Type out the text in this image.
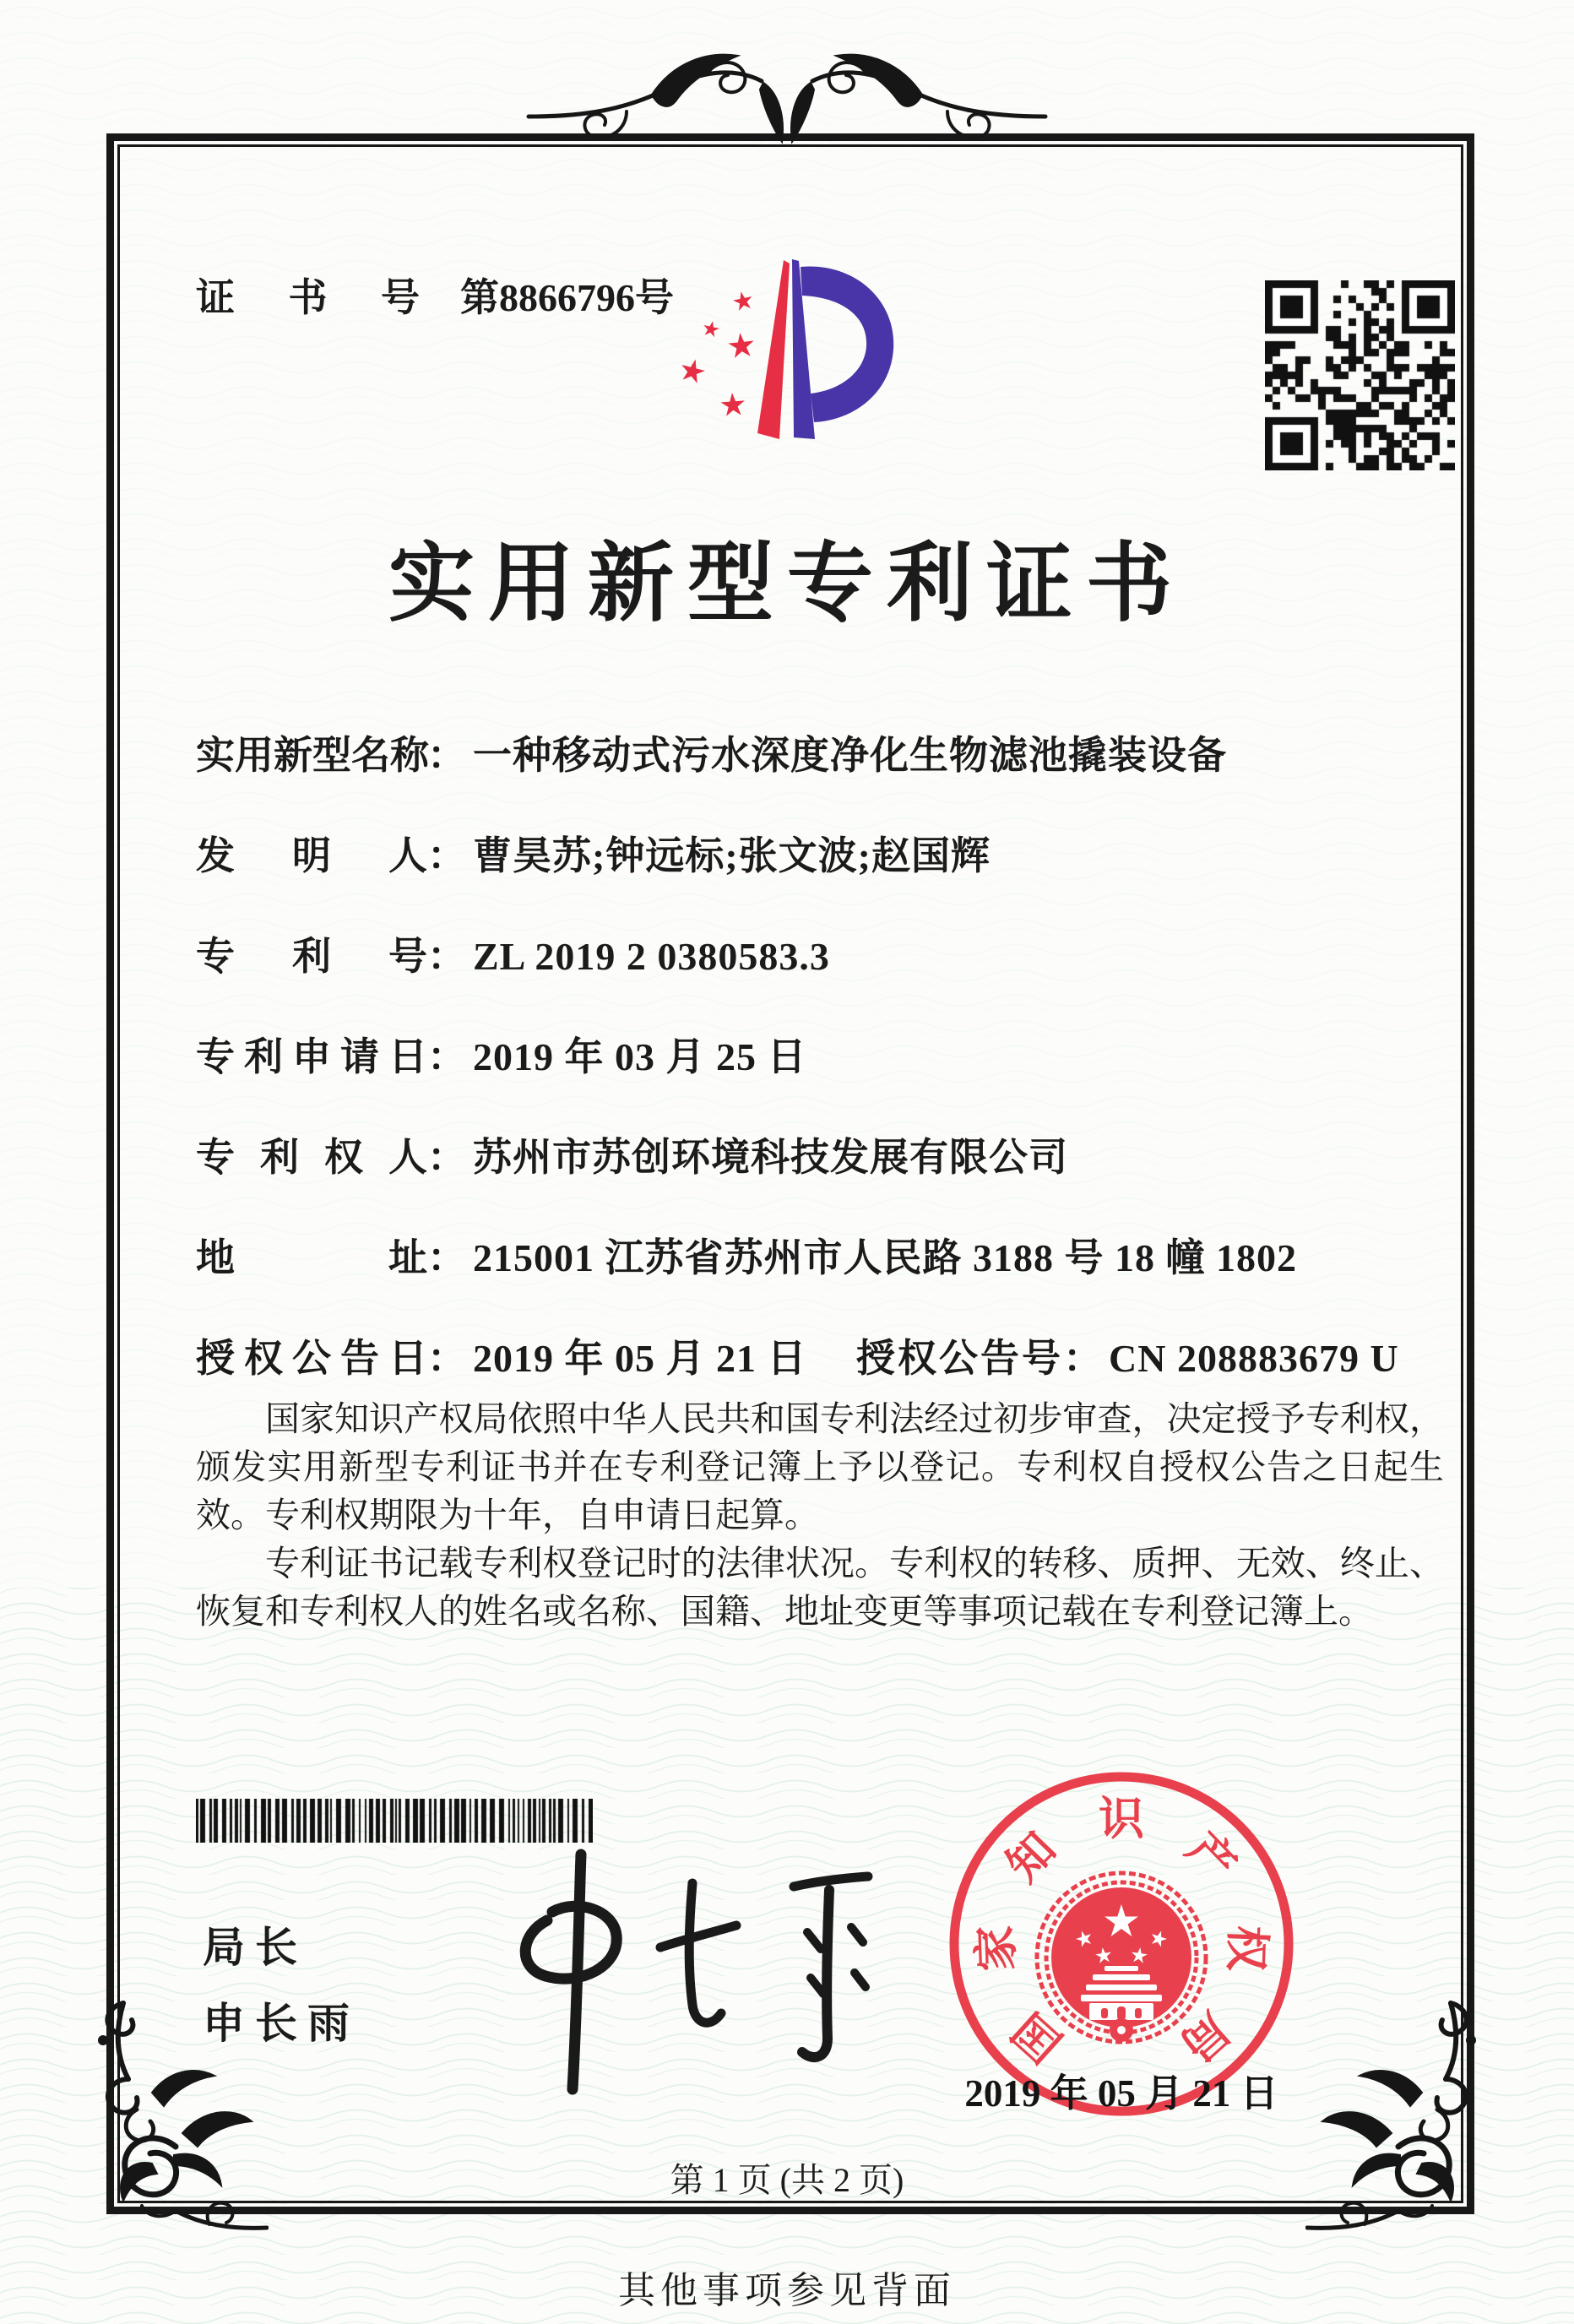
证 书 号 第8866796号
实用新型专利证书
实用新型名称： 一种移动式污水深度净化生物滤池撬装设备
发明人： 曹昊苏;钟远标;张文波;赵国辉
专利号： ZL 2019 2 0380583.3
专利申请日： 2019 年 03 月 25 日
专利权人： 苏州市苏创环境科技发展有限公司
地址： 215001 江苏省苏州市人民路 3188 号 18 幢 1802
授权公告日： 2019 年 05 月 21 日 授权公告号： CN 208883679 U

国家知识产权局依照中华人民共和国专利法经过初步审查，决定授予专利权，颁发实用新型专利证书并在专利登记簿上予以登记。专利权自授权公告之日起生效。专利权期限为十年，自申请日起算。

专利证书记载专利权登记时的法律状况。专利权的转移、质押、无效、终止、恢复和专利权人的姓名或名称、国籍、地址变更等事项记载在专利登记簿上。

局长
申长雨	国
家
知
识
产
权
局
2019 年 05 月 21 日
第 1 页 (共 2 页)
其他事项参见背面
